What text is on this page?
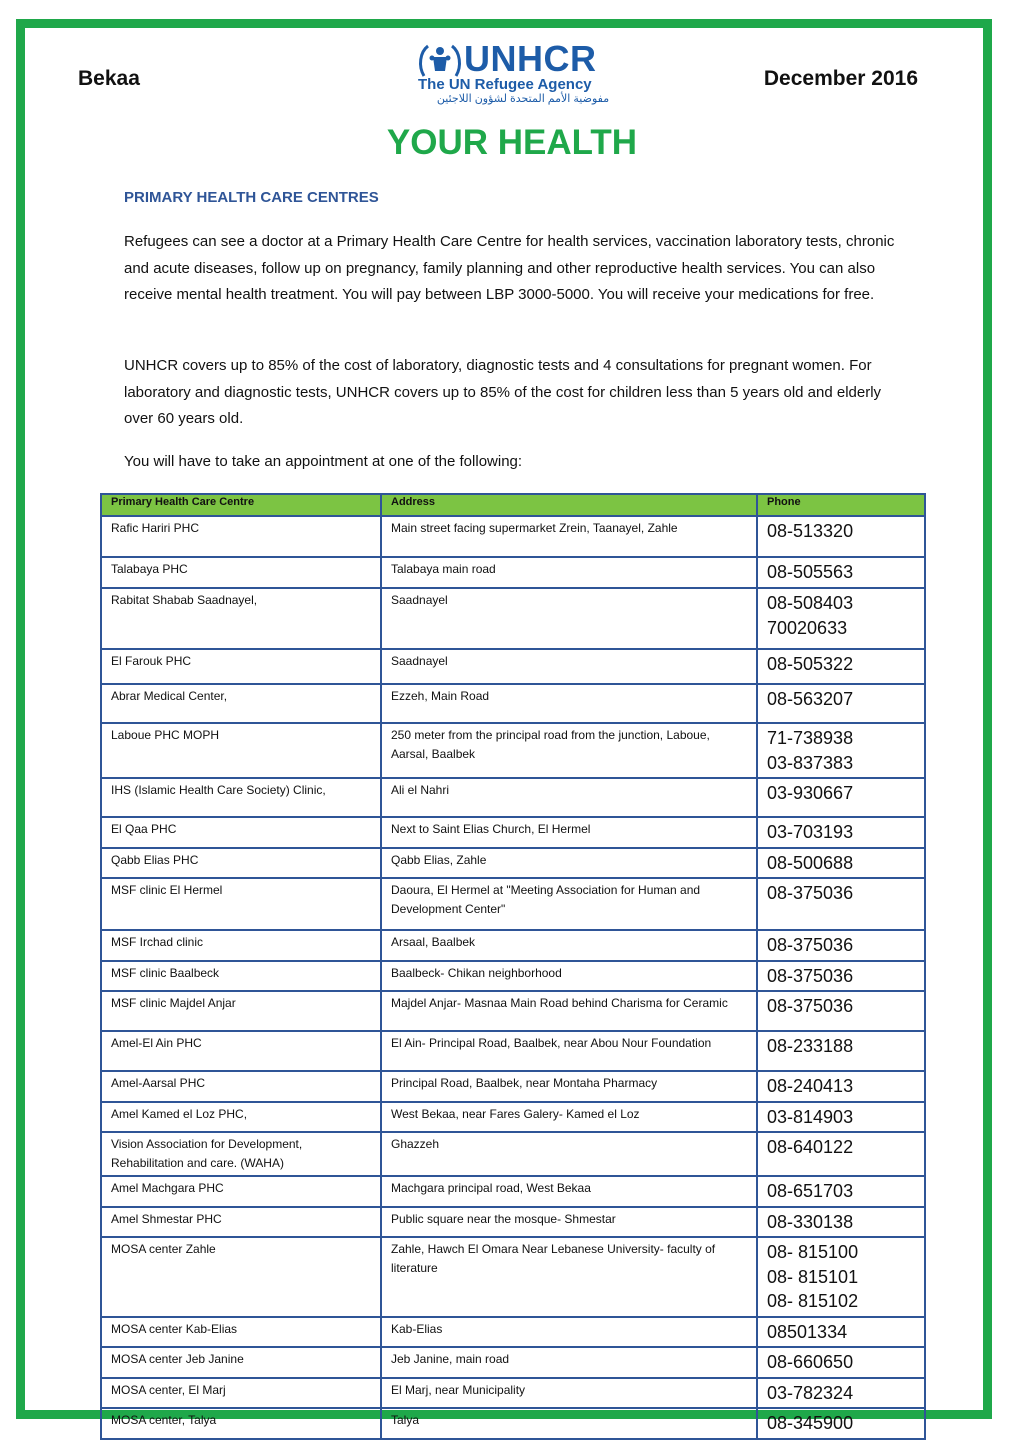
Bekaa	UNHCR
The UN Refugee Agency
مفوضية الأمم المتحدة لشؤون اللاجئين
December 2016
YOUR HEALTH
PRIMARY HEALTH CARE CENTRES
Refugees can see a doctor at a Primary Health Care Centre for health services, vaccination laboratory tests, chronic and acute diseases, follow up on pregnancy, family planning and other reproductive health services. You can also receive mental health treatment. You will pay between LBP 3000-5000. You will receive your medications for free.
UNHCR covers up to 85% of the cost of laboratory, diagnostic tests and 4 consultations for pregnant women. For laboratory and diagnostic tests, UNHCR covers up to 85% of the cost for children less than 5 years old and elderly over 60 years old.
You will have to take an appointment at one of the following:
Primary Health Care Centre	Address	Phone
Rafic Hariri PHC	Main street facing supermarket Zrein, Taanayel, Zahle	08-513320
Talabaya PHC	Talabaya main road	08-505563
Rabitat Shabab Saadnayel,	Saadnayel	08-508403
70020633
El Farouk PHC	Saadnayel	08-505322
Abrar Medical Center,	Ezzeh, Main Road	08-563207
Laboue PHC MOPH	250 meter from the principal road from the junction, Laboue, Aarsal, Baalbek	71-738938
03-837383
IHS (Islamic Health Care Society) Clinic,	Ali el Nahri	03-930667
El Qaa PHC	Next to Saint Elias Church, El Hermel	03-703193
Qabb Elias PHC	Qabb Elias, Zahle	08-500688
MSF clinic El Hermel	Daoura, El Hermel at "Meeting Association for Human and Development Center"	08-375036
MSF Irchad clinic	Arsaal, Baalbek	08-375036
MSF clinic Baalbeck	Baalbeck- Chikan neighborhood	08-375036
MSF clinic Majdel Anjar	Majdel Anjar- Masnaa Main Road behind Charisma for Ceramic	08-375036
Amel-El Ain PHC	El Ain- Principal Road, Baalbek, near Abou Nour Foundation	08-233188
Amel-Aarsal PHC	Principal Road, Baalbek, near Montaha Pharmacy	08-240413
Amel Kamed el Loz PHC,	West Bekaa, near Fares Galery- Kamed el Loz	03-814903
Vision Association for Development, Rehabilitation and care. (WAHA)	Ghazzeh	08-640122
Amel Machgara PHC	Machgara principal road, West Bekaa	08-651703
Amel Shmestar PHC	Public square near the mosque- Shmestar	08-330138
MOSA center Zahle	Zahle, Hawch El Omara Near Lebanese University- faculty of literature	08- 815100
08- 815101
08- 815102
MOSA center Kab-Elias	Kab-Elias	08501334
MOSA center Jeb Janine	Jeb Janine, main road	08-660650
MOSA center, El Marj	El Marj, near Municipality	03-782324
MOSA center, Talya	Talya	08-345900
